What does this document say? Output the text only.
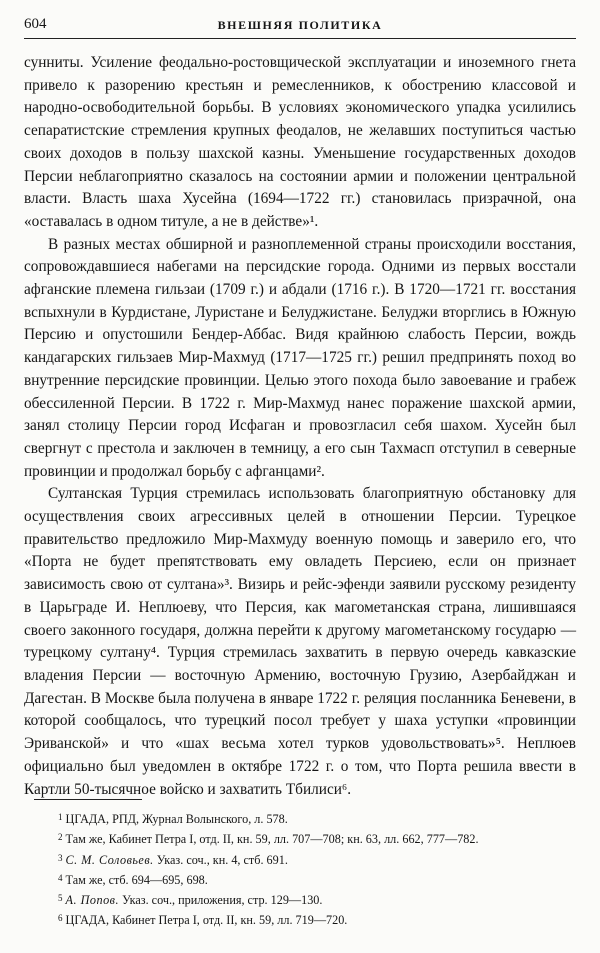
604	ВНЕШНЯЯ ПОЛИТИКА

сунниты. Усиление феодально-ростовщической эксплуатации и иноземного гнета привело к разорению крестьян и ремесленников, к обострению классовой и народно-освободительной борьбы. В условиях экономического упадка усилились сепаратистские стремления крупных феодалов, не желавших поступиться частью своих доходов в пользу шахской казны. Уменьшение государственных доходов Персии неблагоприятно сказалось на состоянии армии и положении центральной власти. Власть шаха Хусейна (1694—1722 гг.) становилась призрачной, она «оставалась в одном титуле, а не в действе»¹.

В разных местах обширной и разноплеменной страны происходили восстания, сопровождавшиеся набегами на персидские города. Одними из первых восстали афганские племена гильзаи (1709 г.) и абдали (1716 г.). В 1720—1721 гг. восстания вспыхнули в Курдистане, Луристане и Белуджистане. Белуджи вторглись в Южную Персию и опустошили Бендер-Аббас. Видя крайнюю слабость Персии, вождь кандагарских гильзаев Мир-Махмуд (1717—1725 гг.) решил предпринять поход во внутренние персидские провинции. Целью этого похода было завоевание и грабеж обессиленной Персии. В 1722 г. Мир-Махмуд нанес поражение шахской армии, занял столицу Персии город Исфаган и провозгласил себя шахом. Хусейн был свергнут с престола и заключен в темницу, а его сын Тахмасп отступил в северные провинции и продолжал борьбу с афганцами².

Султанская Турция стремилась использовать благоприятную обстановку для осуществления своих агрессивных целей в отношении Персии. Турецкое правительство предложило Мир-Махмуду военную помощь и заверило его, что «Порта не будет препятствовать ему овладеть Персиею, если он признает зависимость свою от султана»³. Визирь и рейс-эфенди заявили русскому резиденту в Царьграде И. Неплюеву, что Персия, как магометанская страна, лишившаяся своего законного государя, должна перейти к другому магометанскому государю — турецкому султану⁴. Турция стремилась захватить в первую очередь кавказские владения Персии — восточную Армению, восточную Грузию, Азербайджан и Дагестан. В Москве была получена в январе 1722 г. реляция посланника Беневени, в которой сообщалось, что турецкий посол требует у шаха уступки «провинции Эриванской» и что «шах весьма хотел турков удовольствовать»⁵. Неплюев официально был уведомлен в октябре 1722 г. о том, что Порта решила ввести в Картли 50-тысячное войско и захватить Тбилиси⁶.

$^1$ ЦГАДА, РПД, Журнал Волынского, л. 578.

$^2$ Там же, Кабинет Петра I, отд. II, кн. 59, лл. 707—708; кн. 63, лл. 662, 777—782.

$^3$ С. М. Соловьев. Указ. соч., кн. 4, стб. 691.

$^4$ Там же, стб. 694—695, 698.

$^5$ А. Попов. Указ. соч., приложения, стр. 129—130.

$^6$ ЦГАДА, Кабинет Петра I, отд. II, кн. 59, лл. 719—720.
